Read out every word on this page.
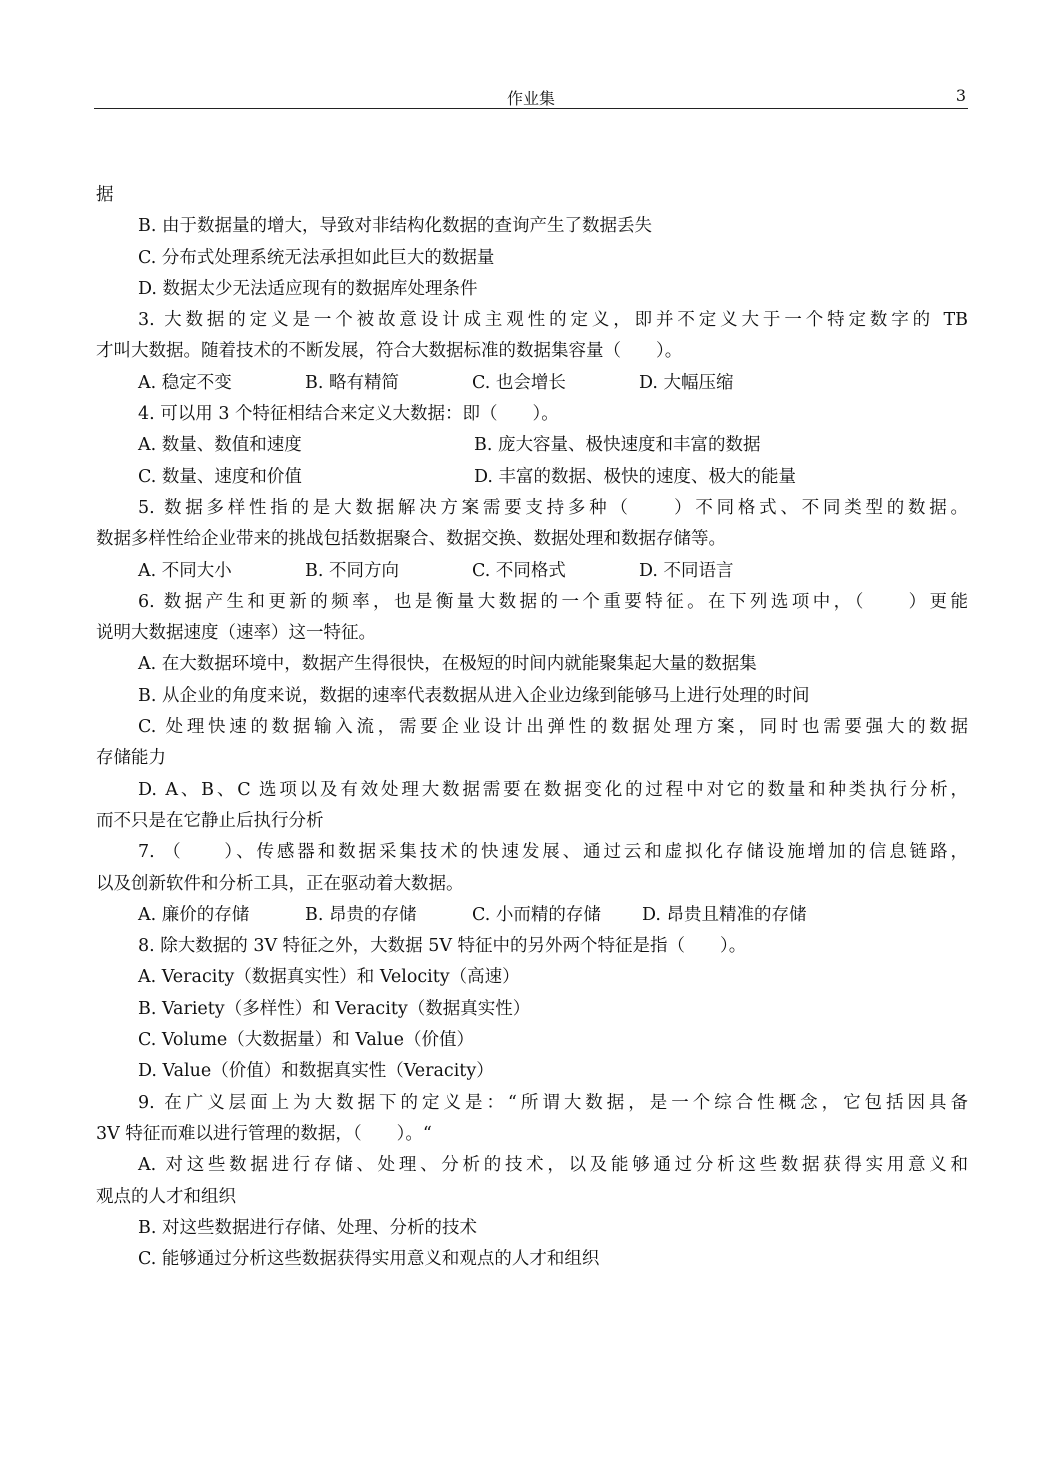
作业集	3
据
B. 由于数据量的增大，导致对非结构化数据的查询产生了数据丢失
C. 分布式处理系统无法承担如此巨大的数据量
D. 数据太少无法适应现有的数据库处理条件
3. 大数据的定义是一个被故意设计成主观性的定义，即并不定义大于一个特定数字的 TB
才叫大数据。随着技术的不断发展，符合大数据标准的数据集容量（　　）。
A. 稳定不变	B. 略有精简	C. 也会增长	D. 大幅压缩
4. 可以用 3 个特征相结合来定义大数据：即（　　）。
A. 数量、数值和速度	B. 庞大容量、极快速度和丰富的数据
C. 数量、速度和价值	D. 丰富的数据、极快的速度、极大的能量
5. 数据多样性指的是大数据解决方案需要支持多种（　　）不同格式、不同类型的数据。
数据多样性给企业带来的挑战包括数据聚合、数据交换、数据处理和数据存储等。
A. 不同大小	B. 不同方向	C. 不同格式	D. 不同语言
6. 数据产生和更新的频率，也是衡量大数据的一个重要特征。在下列选项中，（　　）更能
说明大数据速度（速率）这一特征。
A. 在大数据环境中，数据产生得很快，在极短的时间内就能聚集起大量的数据集
B. 从企业的角度来说，数据的速率代表数据从进入企业边缘到能够马上进行处理的时间
C. 处理快速的数据输入流，需要企业设计出弹性的数据处理方案，同时也需要强大的数据
存储能力
D. A、B、C 选项以及有效处理大数据需要在数据变化的过程中对它的数量和种类执行分析，
而不只是在它静止后执行分析
7. （　　）、传感器和数据采集技术的快速发展、通过云和虚拟化存储设施增加的信息链路，
以及创新软件和分析工具，正在驱动着大数据。
A. 廉价的存储	B. 昂贵的存储	C. 小而精的存储 D. 昂贵且精准的存储
8. 除大数据的 3V 特征之外，大数据 5V 特征中的另外两个特征是指（　　）。
A. Veracity（数据真实性）和 Velocity（高速）
B. Variety（多样性）和 Veracity（数据真实性）
C. Volume（大数据量）和 Value（价值）
D. Value（价值）和数据真实性（Veracity）
9. 在广义层面上为大数据下的定义是：“所谓大数据，是一个综合性概念，它包括因具备
3V 特征而难以进行管理的数据，（　　）。“
A. 对这些数据进行存储、处理、分析的技术，以及能够通过分析这些数据获得实用意义和
观点的人才和组织
B. 对这些数据进行存储、处理、分析的技术
C. 能够通过分析这些数据获得实用意义和观点的人才和组织
